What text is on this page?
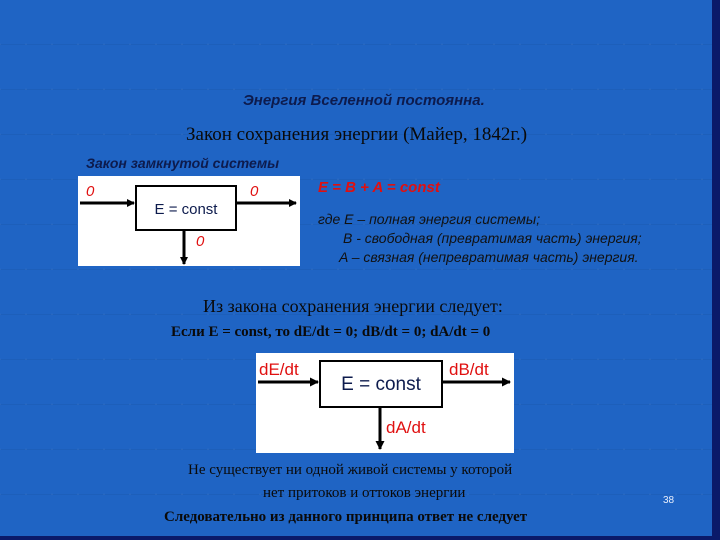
Энергия Вселенной постоянна.
Закон сохранения энергии (Майер, 1842г.)
Закон замкнутой системы
0
E = const
0
0
E = B + A = const
где E – полная энергия системы;
B - свободная (превратимая часть) энергия;
A – связная (непревратимая часть) энергия.
Из закона сохранения энергии следует:
Если E = const, то dE/dt = 0; dB/dt = 0; dA/dt = 0
dE/dt
E = const
dB/dt
dA/dt
Не существует ни одной живой системы у которой
нет притоков и оттоков энергии
Следовательно из данного принципа ответ не следует
38
